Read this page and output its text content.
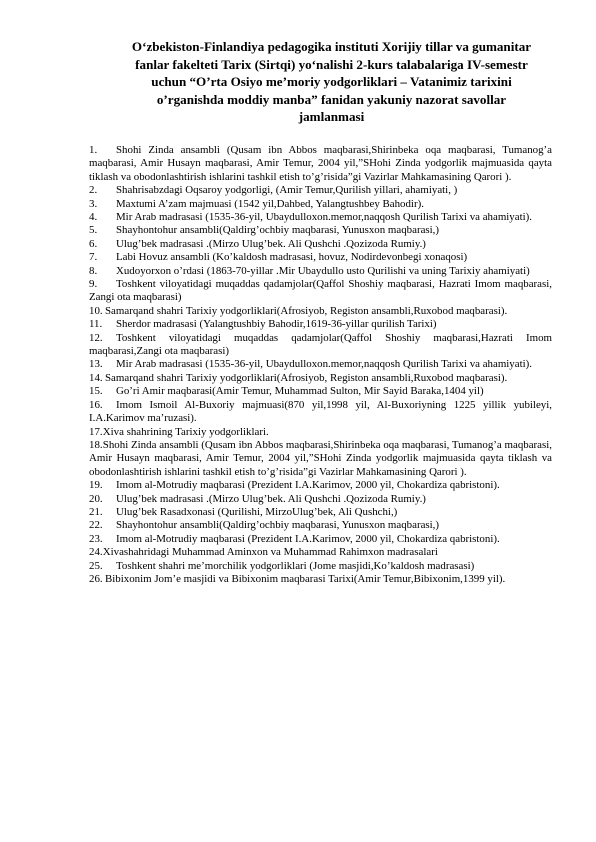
O‘zbekiston-Finlandiya pedagogika instituti Xorijiy tillar va gumanitar
fanlar fakelteti Tarix (Sirtqi) yo‘nalishi 2-kurs talabalariga IV-semestr
uchun “O’rta Osiyo me’moriy yodgorliklari – Vatanimiz tarixini
o’rganishda moddiy manba” fanidan yakuniy nazorat savollar
jamlanmasi

1. Shohi Zinda ansambli (Qusam ibn Abbos maqbarasi,Shirinbeka oqa maqbarasi, Tumanog’a maqbarasi, Amir Husayn maqbarasi, Amir Temur, 2004 yil,”SHohi Zinda yodgorlik majmuasida qayta tiklash va obodonlashtirish ishlarini tashkil etish to’g’risida”gi Vazirlar Mahkamasining Qarori ).

2. Shahrisabzdagi Oqsaroy yodgorligi, (Amir Temur,Qurilish yillari, ahamiyati, )

3. Maxtumi A’zam majmuasi (1542 yil,Dahbed, Yalangtushbey Bahodir).

4. Mir Arab madrasasi (1535-36-yil, Ubaydulloxon.memor,naqqosh Qurilish Tarixi va ahamiyati).

5. Shayhontohur ansambli(Qaldirg’ochbiy maqbarasi, Yunusxon maqbarasi,)

6. Ulug’bek madrasasi .(Mirzo Ulug’bek. Ali Qushchi .Qozizoda Rumiy.)

7. Labi Hovuz ansambli (Ko’kaldosh madrasasi, hovuz, Nodirdevonbegi xonaqosi)

8. Xudoyorxon o’rdasi (1863-70-yillar .Mir Ubaydullo usto Qurilishi va uning Tarixiy ahamiyati)

9. Toshkent viloyatidagi muqaddas qadamjolar(Qaffol Shoshiy maqbarasi, Hazrati Imom maqbarasi, Zangi ota maqbarasi)

10. Samarqand shahri Tarixiy yodgorliklari(Afrosiyob, Registon ansambli,Ruxobod maqbarasi).

11. Sherdor madrasasi (Yalangtushbiy Bahodir,1619-36-yillar qurilish Tarixi)

12. Toshkent viloyatidagi muqaddas qadamjolar(Qaffol Shoshiy maqbarasi,Hazrati Imom maqbarasi,Zangi ota maqbarasi)

13. Mir Arab madrasasi (1535-36-yil, Ubaydulloxon.memor,naqqosh Qurilish Tarixi va ahamiyati).

14. Samarqand shahri Tarixiy yodgorliklari(Afrosiyob, Registon ansambli,Ruxobod maqbarasi).

15. Go’ri Amir maqbarasi(Amir Temur, Muhammad Sulton, Mir Sayid Baraka,1404 yil)

16. Imom Ismoil Al-Buxoriy majmuasi(870 yil,1998 yil, Al-Buxoriyning 1225 yillik yubileyi, I.A.Karimov ma’ruzasi).

17. Xiva shahrining Tarixiy yodgorliklari.

18. Shohi Zinda ansambli (Qusam ibn Abbos maqbarasi,Shirinbeka oqa maqbarasi, Tumanog’a maqbarasi, Amir Husayn maqbarasi, Amir Temur, 2004 yil,”SHohi Zinda yodgorlik majmuasida qayta tiklash va obodonlashtirish ishlarini tashkil etish to’g’risida”gi Vazirlar Mahkamasining Qarori ).

19. Imom al-Motrudiy maqbarasi (Prezident I.A.Karimov, 2000 yil, Chokardiza qabristoni).

20. Ulug’bek madrasasi .(Mirzo Ulug’bek. Ali Qushchi .Qozizoda Rumiy.)

21. Ulug’bek Rasadxonasi (Qurilishi, MirzoUlug’bek, Ali Qushchi,)

22. Shayhontohur ansambli(Qaldirg’ochbiy maqbarasi, Yunusxon maqbarasi,)

23. Imom al-Motrudiy maqbarasi (Prezident I.A.Karimov, 2000 yil, Chokardiza qabristoni).

24. Xivashahridagi Muhammad Aminxon va Muhammad Rahimxon madrasalari

25. Toshkent shahri me’morchilik yodgorliklari (Jome masjidi,Ko’kaldosh madrasasi)

26. Bibixonim Jom’e masjidi va Bibixonim maqbarasi Tarixi(Amir Temur,Bibixonim,1399 yil).
